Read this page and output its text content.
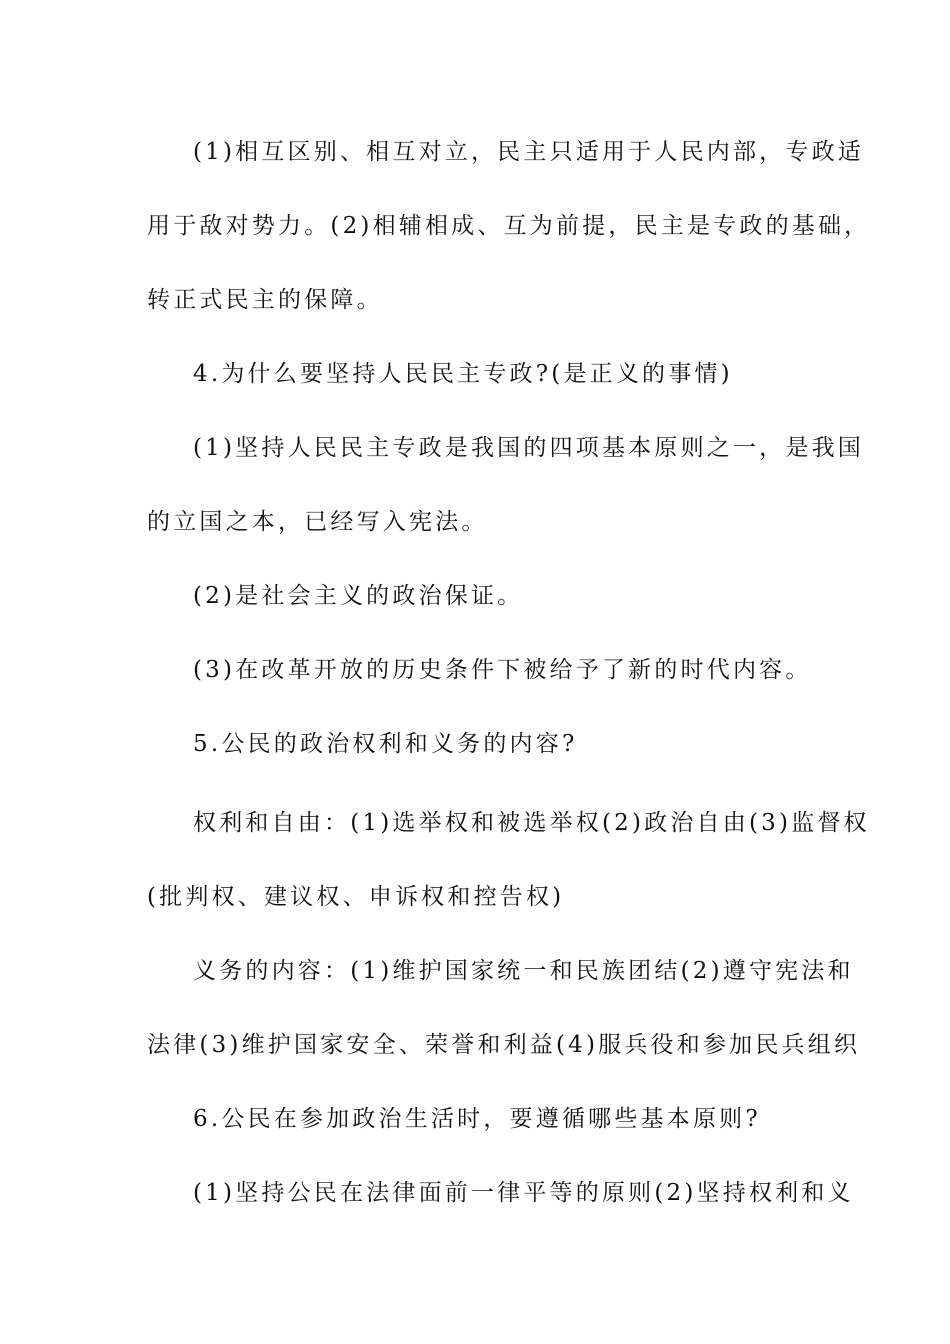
(1)相互区别、相互对立，民主只适用于人民内部，专政适

用于敌对势力。(2)相辅相成、互为前提，民主是专政的基础，

转正式民主的保障。

4.为什么要坚持人民民主专政?(是正义的事情)

(1)坚持人民民主专政是我国的四项基本原则之一，是我国

的立国之本，已经写入宪法。

(2)是社会主义的政治保证。

(3)在改革开放的历史条件下被给予了新的时代内容。

5.公民的政治权利和义务的内容?

权利和自由：(1)选举权和被选举权(2)政治自由(3)监督权

(批判权、建议权、申诉权和控告权)

义务的内容：(1)维护国家统一和民族团结(2)遵守宪法和

法律(3)维护国家安全、荣誉和利益(4)服兵役和参加民兵组织

6.公民在参加政治生活时，要遵循哪些基本原则?

(1)坚持公民在法律面前一律平等的原则(2)坚持权利和义
